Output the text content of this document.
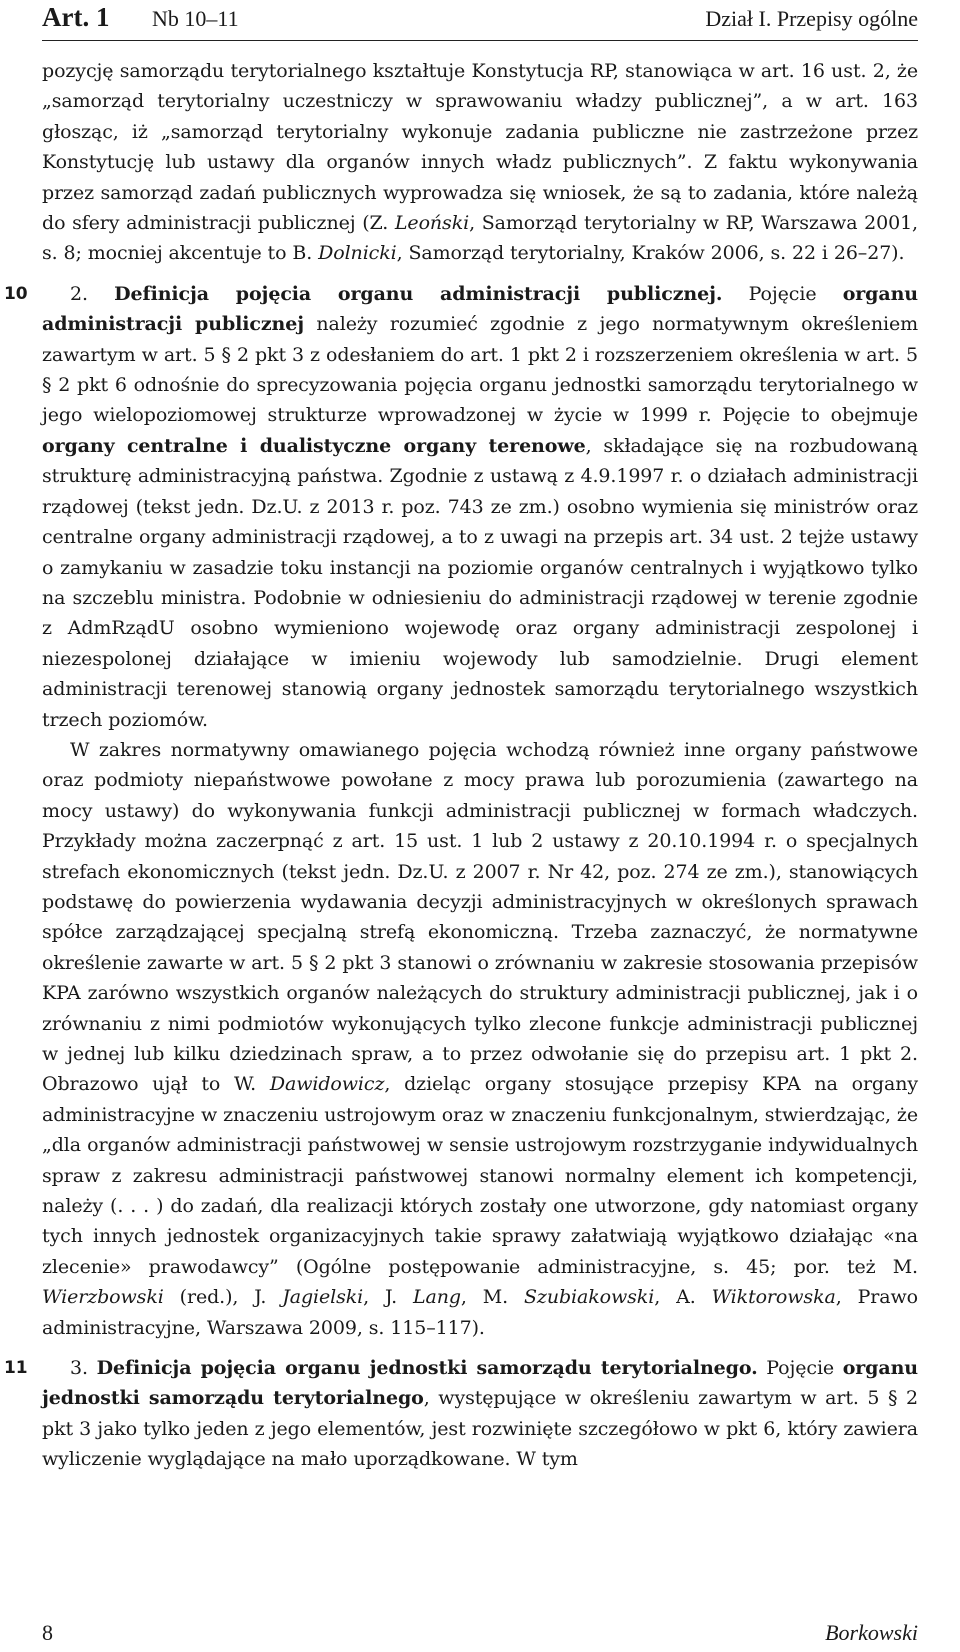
Art. 1 Nb 10–11	Dział I. Przepisy ogólne

pozycję samorządu terytorialnego kształtuje Konstytucja RP, stanowiąca w art. 16 ust. 2, że „samorząd terytorialny uczestniczy w sprawowaniu władzy publicznej”, a w art. 163 głosząc, iż „samorząd terytorialny wykonuje zadania publiczne nie zastrzeżone przez Konstytucję lub ustawy dla organów innych władz publicznych”. Z faktu wykonywania przez samorząd zadań publicznych wyprowadza się wniosek, że są to zadania, które należą do sfery administracji publicznej (Z. Leoński, Samorząd terytorialny w RP, Warszawa 2001, s. 8; mocniej akcentuje to B. Dolnicki, Samorząd terytorialny, Kraków 2006, s. 22 i 26–27).

10 2. Definicja pojęcia organu administracji publicznej. Pojęcie organu administracji publicznej należy rozumieć zgodnie z jego normatywnym określeniem zawartym w art. 5 § 2 pkt 3 z odesłaniem do art. 1 pkt 2 i rozszerzeniem określenia w art. 5 § 2 pkt 6 odnośnie do sprecyzowania pojęcia organu jednostki samorządu terytorialnego w jego wielopoziomowej strukturze wprowadzonej w życie w 1999 r. Pojęcie to obejmuje organy centralne i dualistyczne organy terenowe, składające się na rozbudowaną strukturę administracyjną państwa. Zgodnie z ustawą z 4.9.1997 r. o działach administracji rządowej (tekst jedn. Dz.U. z 2013 r. poz. 743 ze zm.) osobno wymienia się ministrów oraz centralne organy administracji rządowej, a to z uwagi na przepis art. 34 ust. 2 tejże ustawy o zamykaniu w zasadzie toku instancji na poziomie organów centralnych i wyjątkowo tylko na szczeblu ministra. Podobnie w odniesieniu do administracji rządowej w terenie zgodnie z AdmRządU osobno wymieniono wojewodę oraz organy administracji zespolonej i niezespolonej działające w imieniu wojewody lub samodzielnie. Drugi element administracji terenowej stanowią organy jednostek samorządu terytorialnego wszystkich trzech poziomów.

W zakres normatywny omawianego pojęcia wchodzą również inne organy państwowe oraz podmioty niepaństwowe powołane z mocy prawa lub porozumienia (zawartego na mocy ustawy) do wykonywania funkcji administracji publicznej w formach władczych. Przykłady można zaczerpnąć z art. 15 ust. 1 lub 2 ustawy z 20.10.1994 r. o specjalnych strefach ekonomicznych (tekst jedn. Dz.U. z 2007 r. Nr 42, poz. 274 ze zm.), stanowiących podstawę do powierzenia wydawania decyzji administracyjnych w określonych sprawach spółce zarządzającej specjalną strefą ekonomiczną. Trzeba zaznaczyć, że normatywne określenie zawarte w art. 5 § 2 pkt 3 stanowi o zrównaniu w zakresie stosowania przepisów KPA zarówno wszystkich organów należących do struktury administracji publicznej, jak i o zrównaniu z nimi podmiotów wykonujących tylko zlecone funkcje administracji publicznej w jednej lub kilku dziedzinach spraw, a to przez odwołanie się do przepisu art. 1 pkt 2. Obrazowo ujął to W. Dawidowicz, dzieląc organy stosujące przepisy KPA na organy administracyjne w znaczeniu ustrojowym oraz w znaczeniu funkcjonalnym, stwierdzając, że „dla organów administracji państwowej w sensie ustrojowym rozstrzyganie indywidualnych spraw z zakresu administracji państwowej stanowi normalny element ich kompetencji, należy (. . . ) do zadań, dla realizacji których zostały one utworzone, gdy natomiast organy tych innych jednostek organizacyjnych takie sprawy załatwiają wyjątkowo działając «na zlecenie» prawodawcy” (Ogólne postępowanie administracyjne, s. 45; por. też M. Wierzbowski (red.), J. Jagielski, J. Lang, M. Szubiakowski, A. Wiktorowska, Prawo administracyjne, Warszawa 2009, s. 115–117).

11 3. Definicja pojęcia organu jednostki samorządu terytorialnego. Pojęcie organu jednostki samorządu terytorialnego, występujące w określeniu zawartym w art. 5 § 2 pkt 3 jako tylko jeden z jego elementów, jest rozwinięte szczegółowo w pkt 6, który zawiera wyliczenie wyglądające na mało uporządkowane. W tym

8	Borkowski
